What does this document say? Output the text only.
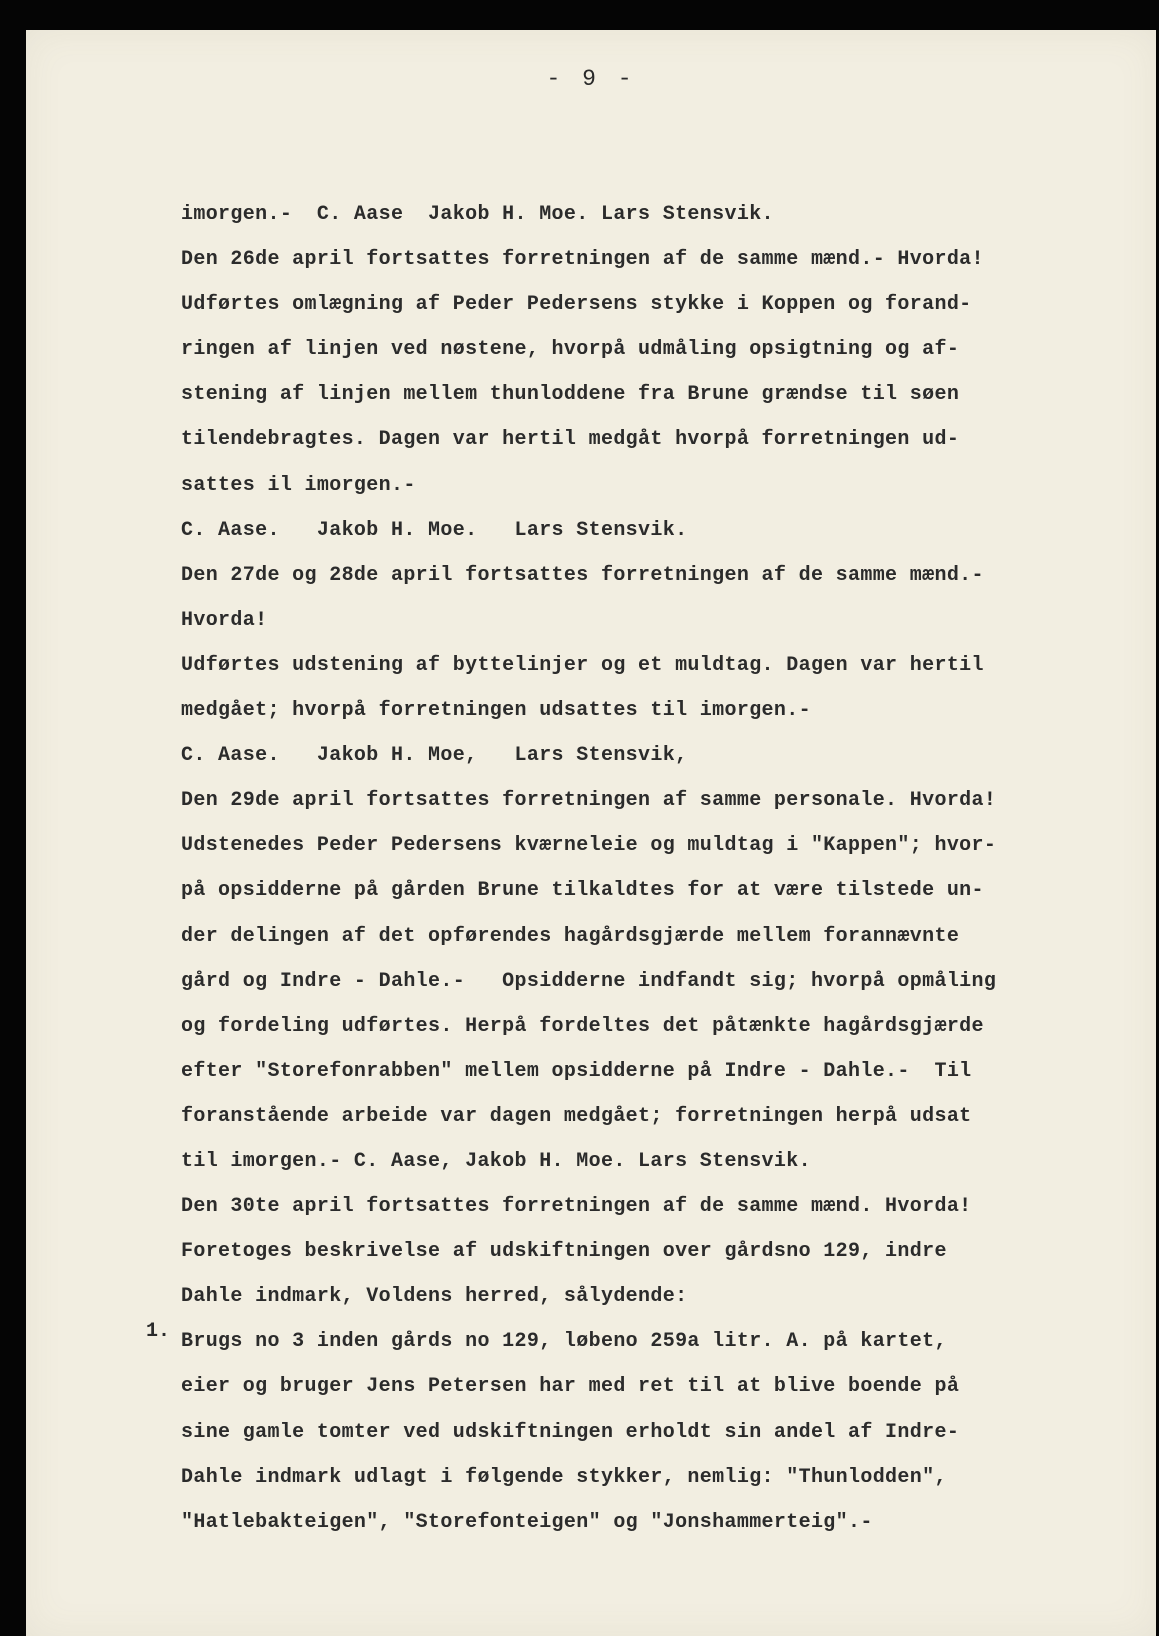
- 9 -
imorgen.-  C. Aase  Jakob H. Moe. Lars Stensvik.
Den 26de april fortsattes forretningen af de samme mænd.- Hvorda!
Udførtes omlægning af Peder Pedersens stykke i Koppen og forand-
ringen af linjen ved nøstene, hvorpå udmåling opsigtning og af-
stening af linjen mellem thunloddene fra Brune grændse til søen
tilendebragtes. Dagen var hertil medgåt hvorpå forretningen ud-
sattes il imorgen.-
C. Aase.   Jakob H. Moe.   Lars Stensvik.
Den 27de og 28de april fortsattes forretningen af de samme mænd.-
Hvorda!
Udførtes udstening af byttelinjer og et muldtag. Dagen var hertil
medgået; hvorpå forretningen udsattes til imorgen.-
C. Aase.   Jakob H. Moe,   Lars Stensvik,
Den 29de april fortsattes forretningen af samme personale. Hvorda!
Udstenedes Peder Pedersens kværneleie og muldtag i "Kappen"; hvor-
på opsidderne på gården Brune tilkaldtes for at være tilstede un-
der delingen af det opførendes hagårdsgjærde mellem forannævnte
gård og Indre - Dahle.-   Opsidderne indfandt sig; hvorpå opmåling
og fordeling udførtes. Herpå fordeltes det påtænkte hagårdsgjærde
efter "Storefonrabben" mellem opsidderne på Indre - Dahle.-  Til
foranstående arbeide var dagen medgået; forretningen herpå udsat
til imorgen.- C. Aase, Jakob H. Moe. Lars Stensvik.
Den 30te april fortsattes forretningen af de samme mænd. Hvorda!
Foretoges beskrivelse af udskiftningen over gårdsno 129, indre
Dahle indmark, Voldens herred, sålydende:
Brugs no 3 inden gårds no 129, løbeno 259a litr. A. på kartet,
eier og bruger Jens Petersen har med ret til at blive boende på
sine gamle tomter ved udskiftningen erholdt sin andel af Indre-
Dahle indmark udlagt i følgende stykker, nemlig: "Thunlodden",
"Hatlebakteigen", "Storefonteigen" og "Jonshammerteig".-
1.
